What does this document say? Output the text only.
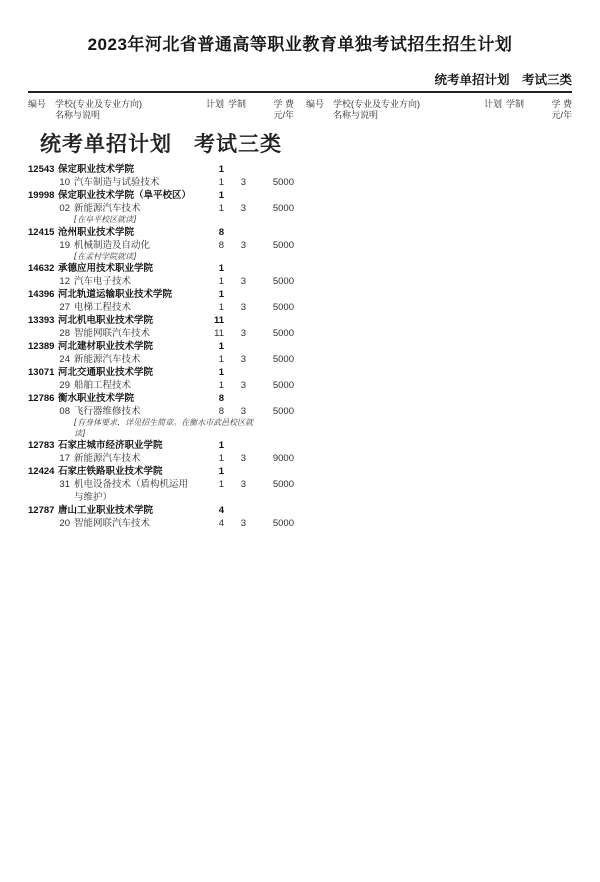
2023年河北省普通高等职业教育单独考试招生招生计划
统考单招计划　考试三类
编号 学校(专业及专业方向)
名称与说明
计划 学制	学 费
元/年
编号 学校(专业及专业方向)
名称与说明
计划 学制	学 费
元/年
统考单招计划　考试三类
12543 保定职业技术学院	1
10 汽车制造与试验技术	1	3	5000
19998 保定职业技术学院（阜平校区）	1
02 新能源汽车技术	1	3	5000
[在阜平校区就读]
12415 沧州职业技术学院	8
19 机械制造及自动化	8	3	5000
[在孟村学院就读]
14632 承德应用技术职业学院	1
12 汽车电子技术	1	3	5000
14396 河北轨道运输职业技术学院	1
27 电梯工程技术	1	3	5000
13393 河北机电职业技术学院	11
28 智能网联汽车技术	11	3	5000
12389 河北建材职业技术学院	1
24 新能源汽车技术	1	3	5000
13071 河北交通职业技术学院	1
29 船舶工程技术	1	3	5000
12786 衡水职业技术学院	8
08 飞行器维修技术	8	3	5000
[有身体要求，详见招生简章。在衡水市武邑校区就读]
12783 石家庄城市经济职业学院	1
17 新能源汽车技术	1	3	9000
12424 石家庄铁路职业技术学院	1
31 机电设备技术（盾构机运用与维护）
1	3	5000
12787 唐山工业职业技术学院	4
20 智能网联汽车技术	4	3	5000
